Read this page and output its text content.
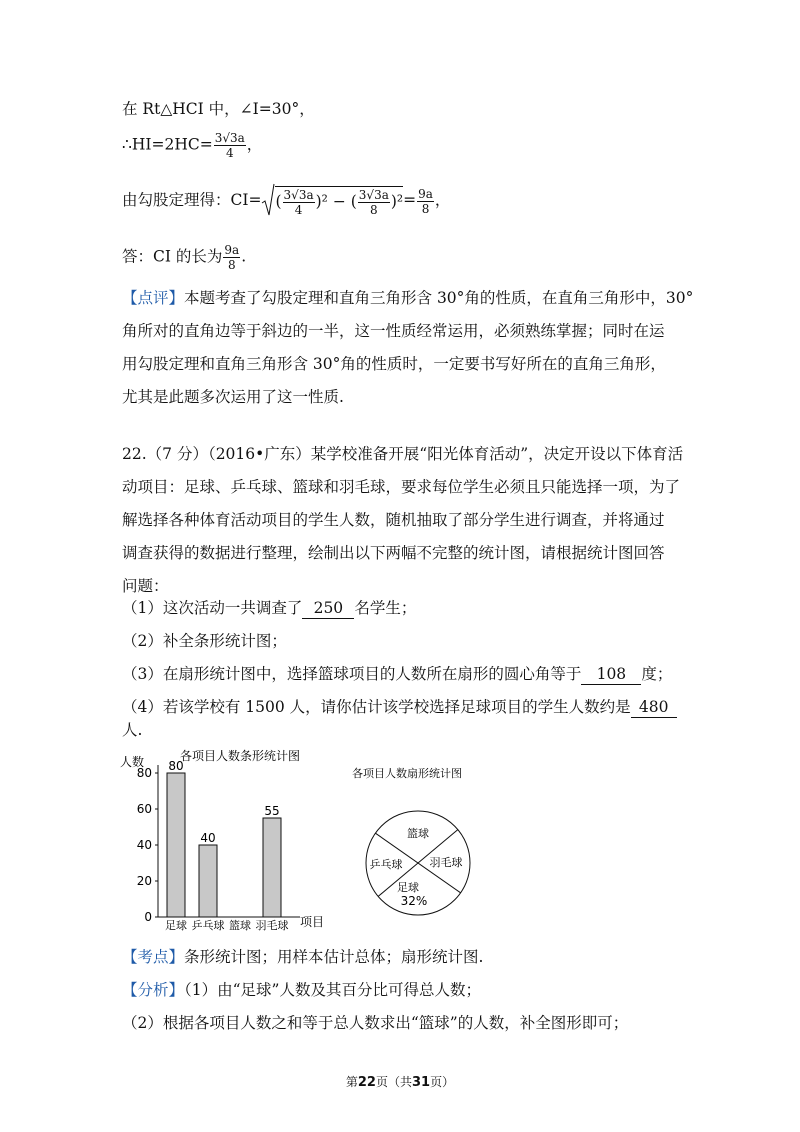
在 Rt△HCI 中，∠I=30°，
∴HI=2HC= $\frac{3√3a}{4}$ ，
由勾股定理得：CI= ( $\frac{3√3a}{4} )^2$ − ( $\frac{3√3a}{8} )^2= \frac{9a}{8}$ ，
答：CI 的长为 $\frac{9a}{8}$ .
【点评】本题考查了勾股定理和直角三角形含 30°角的性质，在直角三角形中，30°
角所对的直角边等于斜边的一半，这一性质经常运用，必须熟练掌握；同时在运
用勾股定理和直角三角形含 30°角的性质时，一定要书写好所在的直角三角形，
尤其是此题多次运用了这一性质.
22.（7 分）（2016•广东）某学校准备开展“阳光体育活动”，决定开设以下体育活
动项目：足球、乒乓球、篮球和羽毛球，要求每位学生必须且只能选择一项，为了
解选择各种体育活动项目的学生人数，随机抽取了部分学生进行调查，并将通过
调查获得的数据进行整理，绘制出以下两幅不完整的统计图，请根据统计图回答
问题：
（1）这次活动一共调查了 250 名学生；
（2）补全条形统计图；
（3）在扇形统计图中，选择篮球项目的人数所在扇形的圆心角等于 108 度；
（4）若该学校有 1500 人，请你估计该学校选择足球项目的学生人数约是 480
人.
各项目人数条形统计图
人数
项目
0
20
40
60
80 80
足球
40
乒乓球 篮球
55
羽毛球
各项目人数扇形统计图
篮球
羽毛球
足球
乒乓球
32%
【考点】条形统计图；用样本估计总体；扇形统计图.
【分析】（1）由“足球”人数及其百分比可得总人数；
（2）根据各项目人数之和等于总人数求出“篮球”的人数，补全图形即可；
第22页（共31页）
